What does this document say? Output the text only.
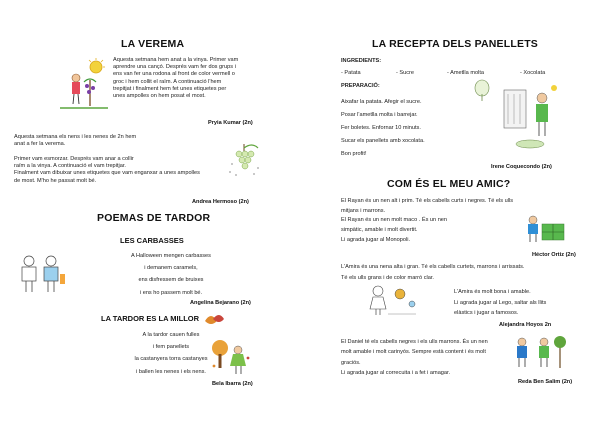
LA VEREMA
Aquesta setmana hem anat a la vinya. Primer vam
aprendre una cançó. Després vam fer dos grups i
ens van fer una rodona al front de color vermell o
groc i hem collit el raïm. A continuació l'hem
trepitjat i finalment hem fet unes etiquetes per
unes ampolles on hem posat el most.
Pryia Kumar (2n)
Aquesta setmana els nens i les nenes de 2n hem
anat a fer la verema.
Primer vam esmorzar. Després vam anar a collir
raïm a la vinya. A continuació el vam trepitjar.
Finalment vam dibuixar unes etiquetes que vam enganxar a unes ampolles
de most. M'ho he passat molt bé.
Andrea Hermoso (2n)
POEMAS DE TARDOR
LES CARBASSES
A Halloween mengen carbasses
i demanem caramels,
ens disfressem de bruixes
i ens ho passem molt bé.
Angelina Bejarano (2n)
LA TARDOR ES LA MILLOR
A la tardor cauen fulles
i fem panellets
la castanyera torra castanyes
i ballen les nenes i els nens.
Bela Ibarra (2n)
LA RECEPTA DELS PANELLETS
INGREDIENTS:
- Patata	- Sucre	- Ametlla molta	- Xocolata
PREPARACIÓ:
Aixafar la patata. Afegir el sucre.
Posar l'ametlla molta i barrejar.
Fer boletes. Enfornar 10 minuts.
Sucar els panellets amb xocolata.
Bon profit!
Irene Coquecondo (2n)
COM ÉS EL MEU AMIC?
El Rayan és un nen alt i prim. Té els cabells curts i negres. Té els ulls
mitjans i marrons.
El Rayan és un nen molt maco . És un nen
simpàtic, amable i molt divertit.
Li agrada jugar al Monopoli.
Héctor Ortiz (2n)
L'Amira és una nena alta i gran. Té els cabells curtets, marrons i arrissats.
Té els ulls grans i de color marró clar.
L'Amira és molt bona i amable.
Li agrada jugar al Lego, saltar als llits
elàstics i jugar a famosos.
Alejandra Hoyos 2n
El Daniel té els cabells negres i els ulls marrons. És un nen
molt amable i molt carinyós. Sempre està content i és molt
graciós.
Li agrada jugar al correcuita i a fet i amagar.
Reda Ben Salim (2n)
